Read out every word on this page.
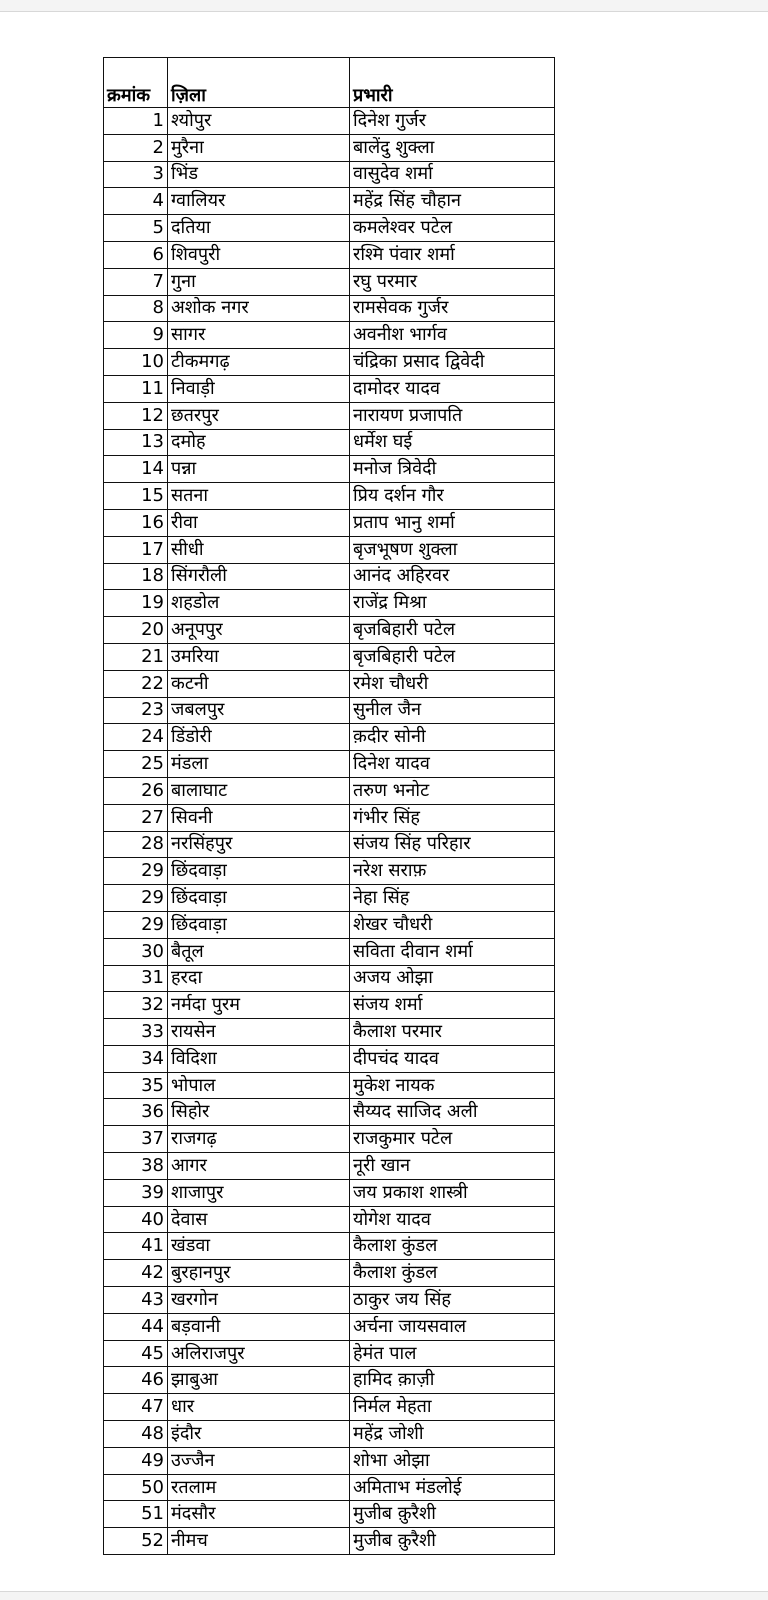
क्रमांक	ज़िला	प्रभारी
1	श्योपुर	दिनेश गुर्जर
2	मुरैना	बालेंदु शुक्ला
3	भिंड	वासुदेव शर्मा
4	ग्वालियर	महेंद्र सिंह चौहान
5	दतिया	कमलेश्वर पटेल
6	शिवपुरी	रश्मि पंवार शर्मा
7	गुना	रघु परमार
8	अशोक नगर	रामसेवक गुर्जर
9	सागर	अवनीश भार्गव
10	टीकमगढ़	चंद्रिका प्रसाद द्विवेदी
11	निवाड़ी	दामोदर यादव
12	छतरपुर	नारायण प्रजापति
13	दमोह	धर्मेश घई
14	पन्ना	मनोज त्रिवेदी
15	सतना	प्रिय दर्शन गौर
16	रीवा	प्रताप भानु शर्मा
17	सीधी	बृजभूषण शुक्ला
18	सिंगरौली	आनंद अहिरवर
19	शहडोल	राजेंद्र मिश्रा
20	अनूपपुर	बृजबिहारी पटेल
21	उमरिया	बृजबिहारी पटेल
22	कटनी	रमेश चौधरी
23	जबलपुर	सुनील जैन
24	डिंडोरी	क़दीर सोनी
25	मंडला	दिनेश यादव
26	बालाघाट	तरुण भनोट
27	सिवनी	गंभीर सिंह
28	नरसिंहपुर	संजय सिंह परिहार
29	छिंदवाड़ा	नरेश सराफ़
29	छिंदवाड़ा	नेहा सिंह
29	छिंदवाड़ा	शेखर चौधरी
30	बैतूल	सविता दीवान शर्मा
31	हरदा	अजय ओझा
32	नर्मदा पुरम	संजय शर्मा
33	रायसेन	कैलाश परमार
34	विदिशा	दीपचंद यादव
35	भोपाल	मुकेश नायक
36	सिहोर	सैय्यद साजिद अली
37	राजगढ़	राजकुमार पटेल
38	आगर	नूरी खान
39	शाजापुर	जय प्रकाश शास्त्री
40	देवास	योगेश यादव
41	खंडवा	कैलाश कुंडल
42	बुरहानपुर	कैलाश कुंडल
43	खरगोन	ठाकुर जय सिंह
44	बड़वानी	अर्चना जायसवाल
45	अलिराजपुर	हेमंत पाल
46	झाबुआ	हामिद क़ाज़ी
47	धार	निर्मल मेहता
48	इंदौर	महेंद्र जोशी
49	उज्जैन	शोभा ओझा
50	रतलाम	अमिताभ मंडलोई
51	मंदसौर	मुजीब क़ुरैशी
52	नीमच	मुजीब क़ुरैशी
